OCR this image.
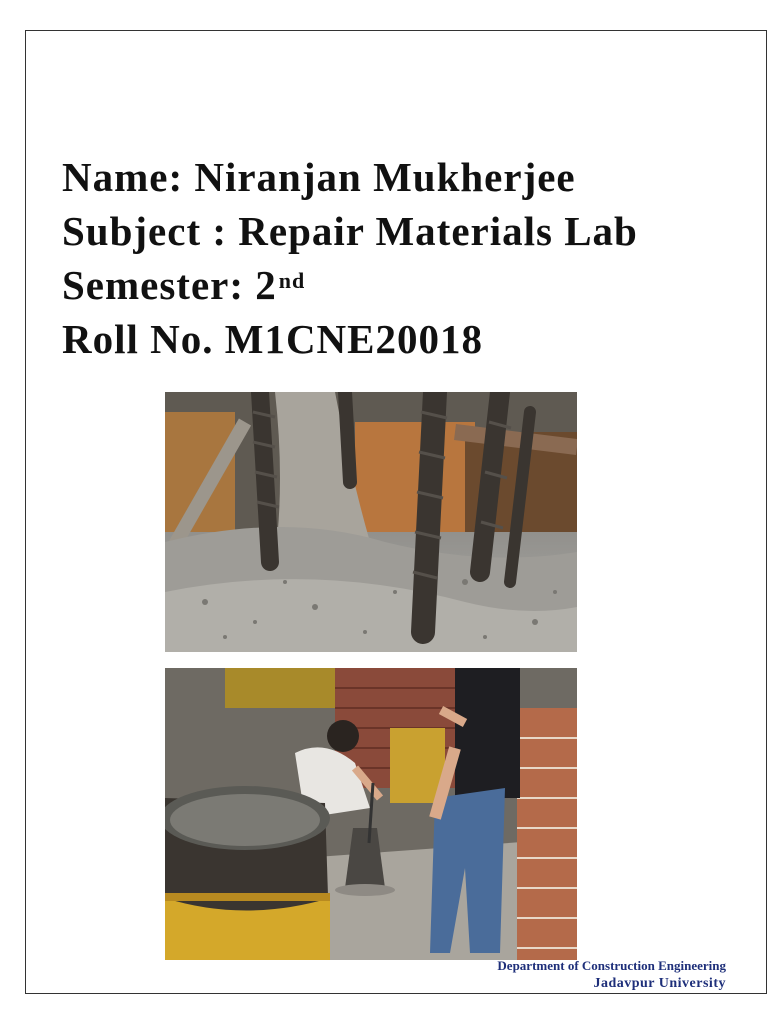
Name: Niranjan Mukherjee
Subject : Repair Materials Lab
Semester: 2nd
Roll No. M1CNE20018
Department of Construction Engineering
Jadavpur University
